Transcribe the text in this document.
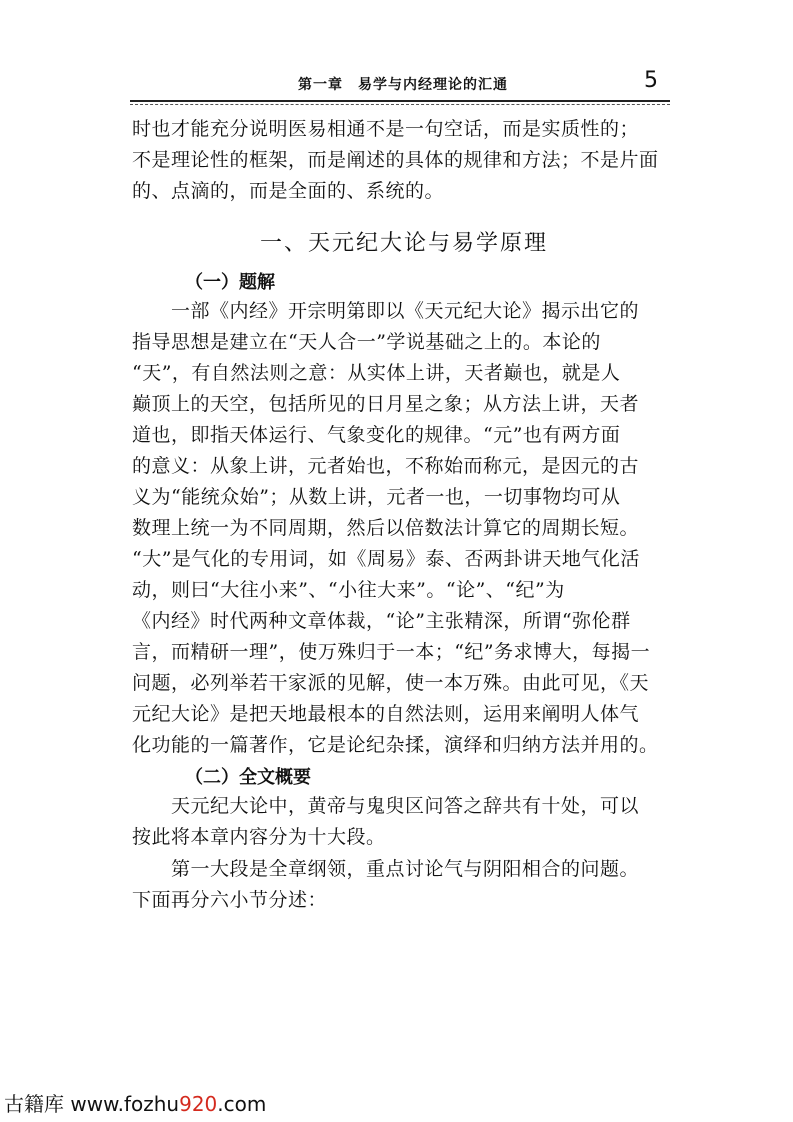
第一章　易学与内经理论的汇通	5
时也才能充分说明医易相通不是一句空话，而是实质性的；
不是理论性的框架，而是阐述的具体的规律和方法；不是片面
的、点滴的，而是全面的、系统的。
一、天元纪大论与易学原理
（一）题解
一部《内经》开宗明第即以《天元纪大论》揭示出它的
指导思想是建立在“天人合一”学说基础之上的。本论的
“天”，有自然法则之意：从实体上讲，天者巅也，就是人
巅顶上的天空，包括所见的日月星之象；从方法上讲，天者
道也，即指天体运行、气象变化的规律。“元”也有两方面
的意义：从象上讲，元者始也，不称始而称元，是因元的古
义为“能统众始”；从数上讲，元者一也，一切事物均可从
数理上统一为不同周期，然后以倍数法计算它的周期长短。
“大”是气化的专用词，如《周易》泰、否两卦讲天地气化活
动，则曰“大往小来”、“小往大来”。“论”、“纪”为
《内经》时代两种文章体裁，“论”主张精深，所谓“弥伦群
言，而精研一理”，使万殊归于一本；“纪”务求博大，每揭一
问题，必列举若干家派的见解，使一本万殊。由此可见，《天
元纪大论》是把天地最根本的自然法则，运用来阐明人体气
化功能的一篇著作，它是论纪杂揉，演绎和归纳方法并用的。
（二）全文概要
天元纪大论中，黄帝与鬼臾区问答之辞共有十处，可以
按此将本章内容分为十大段。
第一大段是全章纲领，重点讨论气与阴阳相合的问题。
下面再分六小节分述：
古籍库 www.fozhu920.com
